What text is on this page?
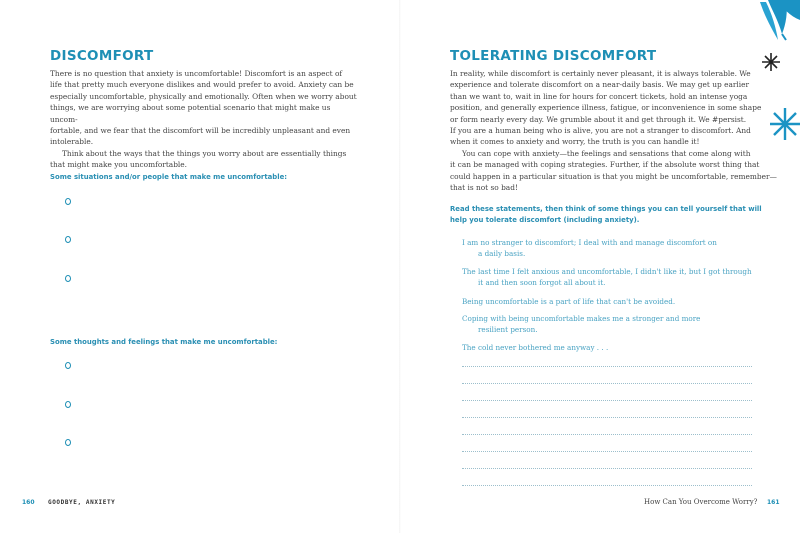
DISCOMFORT

There is no question that anxiety is uncomfortable! Discomfort is an aspect of
life that pretty much everyone dislikes and would prefer to avoid. Anxiety can be
especially uncomfortable, physically and emotionally. Often when we worry about
things, we are worrying about some potential scenario that might make us uncom-
fortable, and we fear that the discomfort will be incredibly unpleasant and even
intolerable.

Think about the ways that the things you worry about are essentially things
that might make you uncomfortable.

Some situations and/or people that make me uncomfortable:
Some thoughts and feelings that make me uncomfortable:
160 GOODBYE, ANXIETY
TOLERATING DISCOMFORT

In reality, while discomfort is certainly never pleasant, it is always tolerable. We
experience and tolerate discomfort on a near-daily basis. We may get up earlier
than we want to, wait in line for hours for concert tickets, hold an intense yoga
position, and generally experience illness, fatigue, or inconvenience in some shape
or form nearly every day. We grumble about it and get through it. We #persist.
If you are a human being who is alive, you are not a stranger to discomfort. And
when it comes to anxiety and worry, the truth is you can handle it!

You can cope with anxiety—the feelings and sensations that come along with
it can be managed with coping strategies. Further, if the absolute worst thing that
could happen in a particular situation is that you might be uncomfortable, remember—
that is not so bad!

Read these statements, then think of some things you can tell yourself that will
help you tolerate discomfort (including anxiety).
I am no stranger to discomfort; I deal with and manage discomfort on
a daily basis.
The last time I felt anxious and uncomfortable, I didn't like it, but I got through
it and then soon forgot all about it.
Being uncomfortable is a part of life that can't be avoided.
Coping with being uncomfortable makes me a stronger and more
resilient person.
The cold never bothered me anyway . . .
How Can You Overcome Worry? 161
